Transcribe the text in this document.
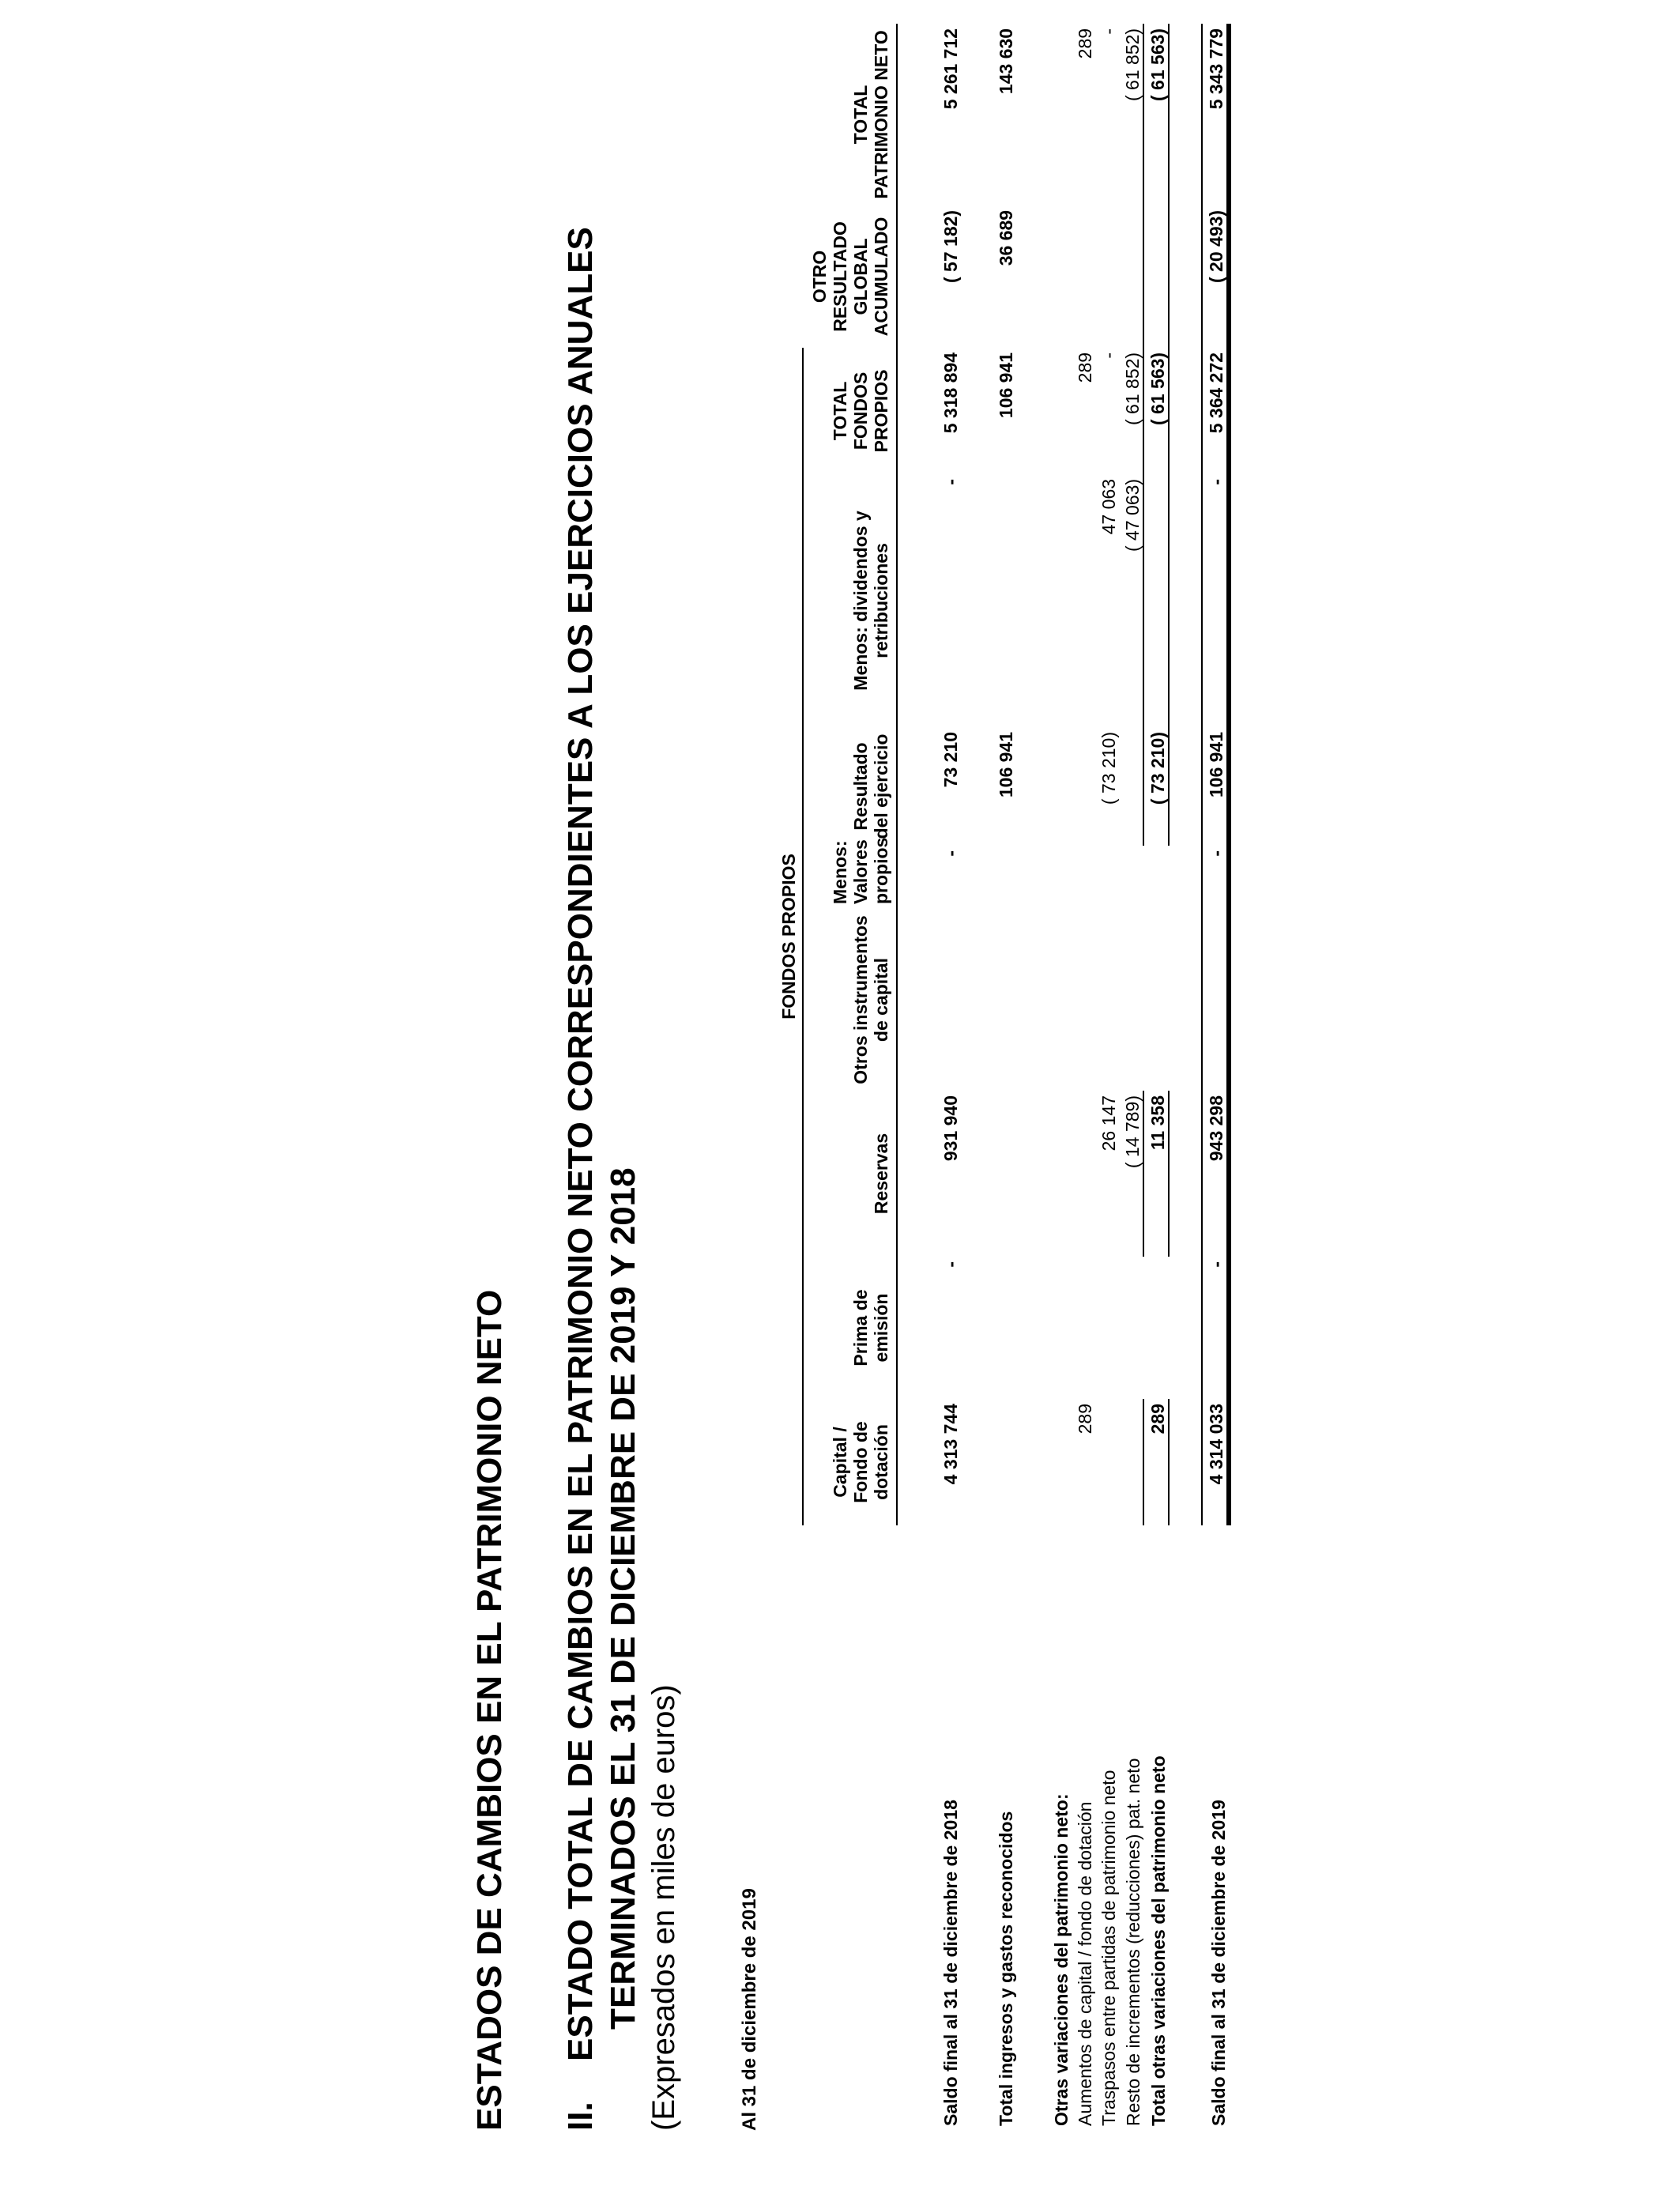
ESTADOS DE CAMBIOS EN EL PATRIMONIO NETO II.ESTADO TOTAL DE CAMBIOS EN EL PATRIMONIO NETO CORRESPONDIENTES A LOS EJERCICIOS ANUALES TERMINADOS EL 31 DE DICIEMBRE DE 2019 Y 2018 (Expresados en miles de euros)	Al 31 de diciembre de 2019

		FONDOS PROPIOS								

	Capital / Fondo de dotación	Prima de emisión	Reservas	Otros instrumentos de capital	Menos: Valores propios	Resultado del ejercicio	Menos: dividendos y retribuciones	TOTAL FONDOS PROPIOS	OTRO RESULTADO GLOBAL ACUMULADO	TOTAL PATRIMONIO NETO

Saldo final al 31 de diciembre de 2018	4 313 744	-	931 940		-	73 210	-	5 318 894	( 57 182)	5 261 712

Total ingresos y gastos reconocidos						106 941		106 941	36 689	143 630

Otras variaciones del patrimonio neto:										
Aumentos de capital / fondo de dotación	289							289		289
Traspasos entre partidas de patrimonio neto			26 147			( 73 210)	47 063	-		-
Resto de incrementos (reducciones) pat. neto			( 14 789)				( 47 063)	( 61 852)		( 61 852)
Total otras variaciones del patrimonio neto	289		11 358			( 73 210)		( 61 563)		( 61 563)

Saldo final al 31 de diciembre de 2019	4 314 033	-	943 298		-	106 941	-	5 364 272	( 20 493)	5 343 779
